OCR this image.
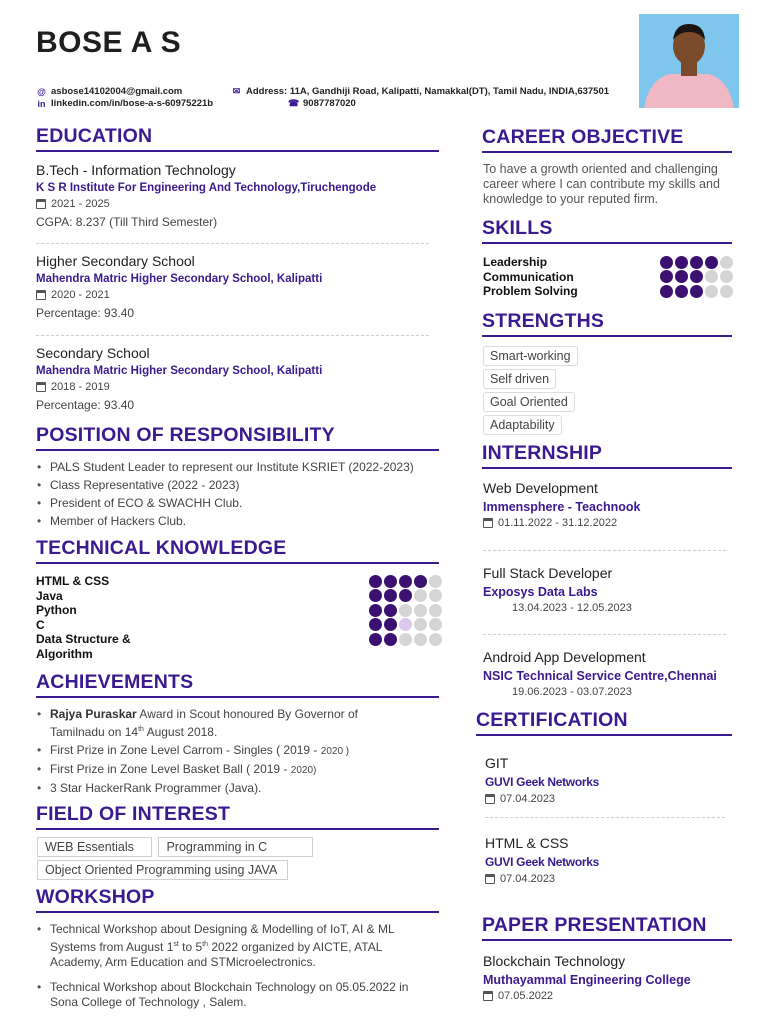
BOSE A S
@ asbose14102004@gmail.com
in linkedin.com/in/bose-a-s-60975221b
✉ Address: 11A, Gandhiji Road, Kalipatti, Namakkal(DT), Tamil Nadu, INDIA,637501
☎ 9087787020
EDUCATION
B.Tech - Information Technology
K S R Institute For Engineering And Technology,Tiruchengode
2021 - 2025
CGPA: 8.237 (Till Third Semester)
Higher Secondary School
Mahendra Matric Higher Secondary School, Kalipatti
2020 - 2021
Percentage: 93.40
Secondary School
Mahendra Matric Higher Secondary School, Kalipatti
2018 - 2019
Percentage: 93.40
POSITION OF RESPONSIBILITY
• PALS Student Leader to represent our Institute KSRIET (2022-2023)
• Class Representative (2022 - 2023)
• President of ECO & SWACHH Club.
• Member of Hackers Club.
TECHNICAL KNOWLEDGE
HTML & CSS
Java
Python
C
Data Structure &
Algorithm
ACHIEVEMENTS
• Rajya Puraskar Award in Scout honoured By Governor of
Tamilnadu on 14th August 2018.
• First Prize in Zone Level Carrom - Singles ( 2019 - 2020 )
• First Prize in Zone Level Basket Ball ( 2019 - 2020)
• 3 Star HackerRank Programmer (Java).
FIELD OF INTEREST
WEB Essentials	Programming in C
Object Oriented Programming using JAVA
WORKSHOP
• Technical Workshop about Designing & Modelling of IoT, AI & ML
Systems from August 1st to 5th 2022 organized by AICTE, ATAL
Academy, Arm Education and STMicroelectronics.
• Technical Workshop about Blockchain Technology on 05.05.2022 in
Sona College of Technology , Salem.
CAREER OBJECTIVE
To have a growth oriented and challenging career where I can contribute my skills and knowledge to your reputed firm.
SKILLS
Leadership
Communication
Problem Solving
STRENGTHS
Smart-working
Self driven
Goal Oriented
Adaptability
INTERNSHIP
Web Development
Immensphere - Teachnook
01.11.2022 - 31.12.2022
Full Stack Developer
Exposys Data Labs
13.04.2023 - 12.05.2023
Android App Development
NSIC Technical Service Centre,Chennai
19.06.2023 - 03.07.2023
CERTIFICATION
GIT
GUVI Geek Networks
07.04.2023
HTML & CSS
GUVI Geek Networks
07.04.2023
PAPER PRESENTATION
Blockchain Technology
Muthayammal Engineering College
07.05.2022
